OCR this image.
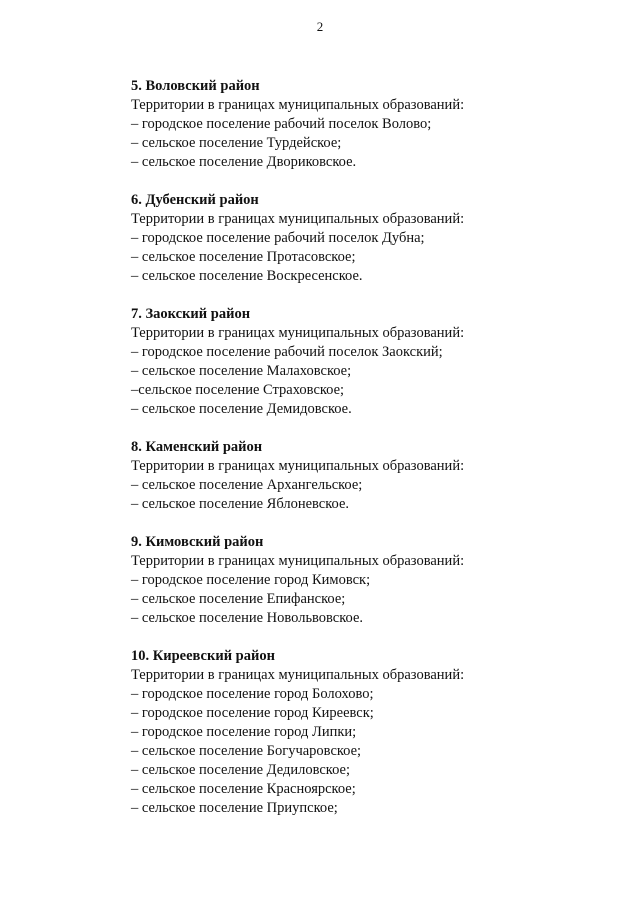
2

5. Воловский район

Территории в границах муниципальных образований:

– городское поселение рабочий поселок Волово;
– сельское поселение Турдейское;
– сельское поселение Двориковское.

6. Дубенский район

Территории в границах муниципальных образований:

– городское поселение рабочий поселок Дубна;
– сельское поселение Протасовское;
– сельское поселение Воскресенское.

7. Заокский район

Территории в границах муниципальных образований:

– городское поселение рабочий поселок Заокский;
– сельское поселение Малаховское;
–сельское поселение Страховское;
– сельское поселение Демидовское.

8. Каменский район

Территории в границах муниципальных образований:

– сельское поселение Архангельское;
– сельское поселение Яблоневское.

9. Кимовский район

Территории в границах муниципальных образований:

– городское поселение город Кимовск;
– сельское поселение Епифанское;
– сельское поселение Новольвовское.

10. Киреевский район

Территории в границах муниципальных образований:

– городское поселение город Болохово;
– городское поселение город Киреевск;
– городское поселение город Липки;
– сельское поселение Богучаровское;
– сельское поселение Дедиловское;
– сельское поселение Красноярское;
– сельское поселение Приупское;
